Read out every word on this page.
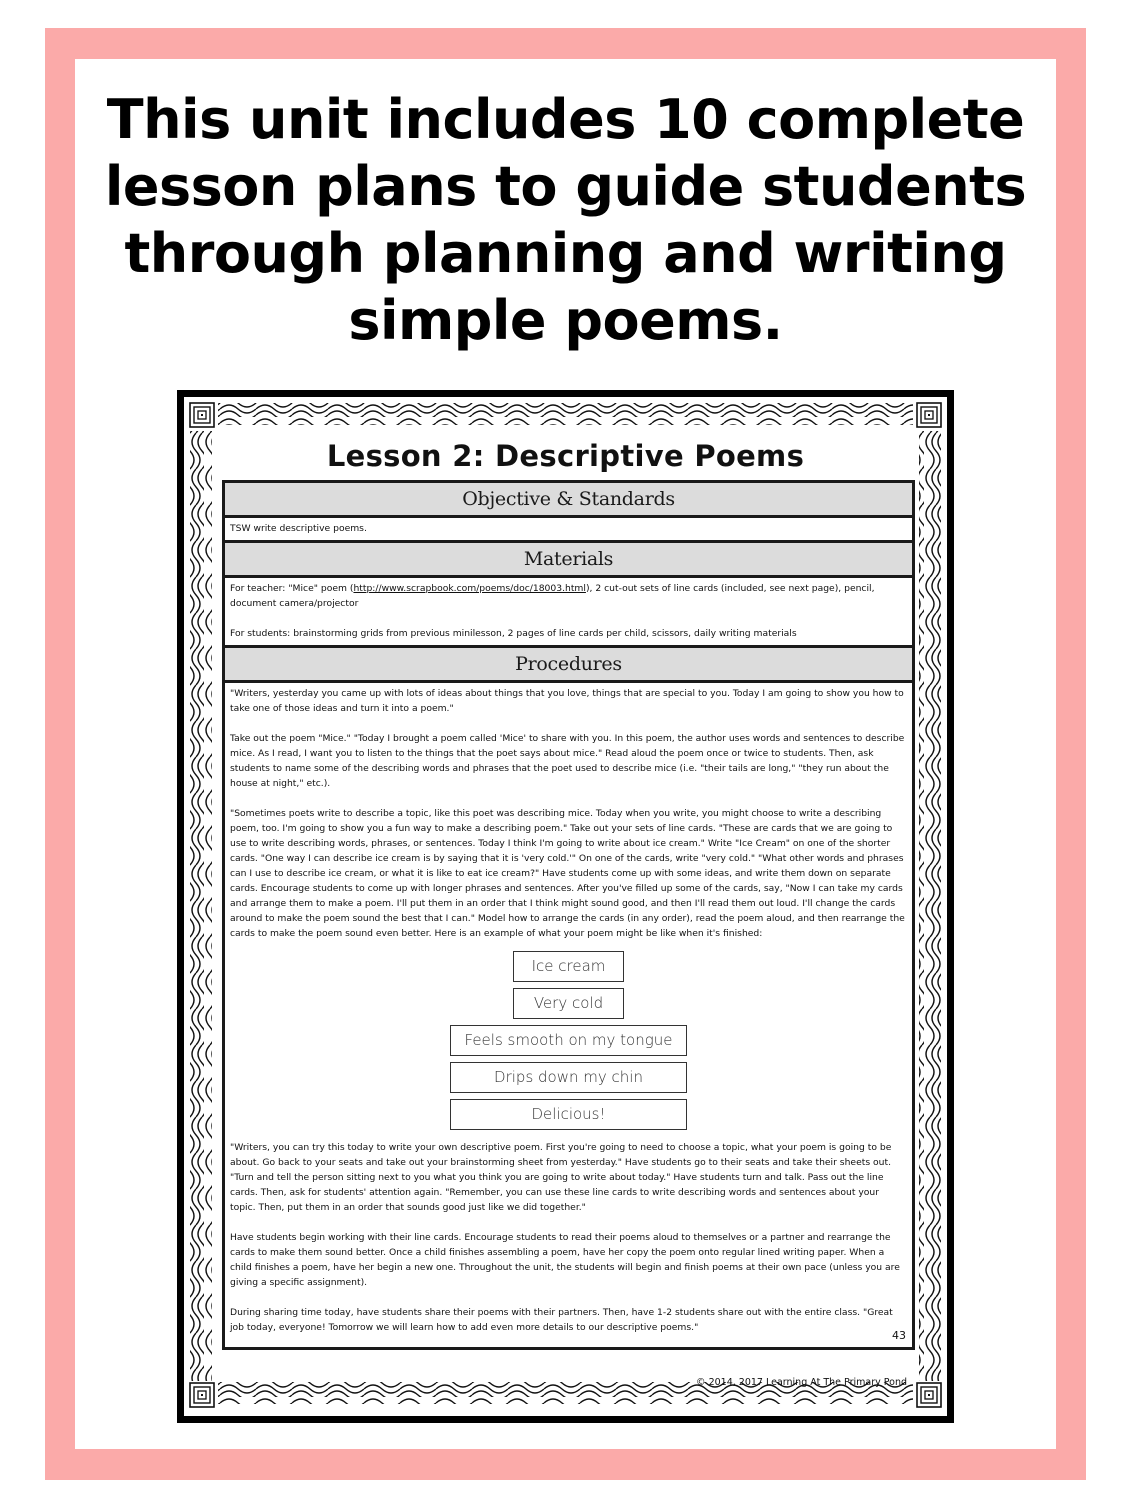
This unit includes 10 complete
lesson plans to guide students
through planning and writing
simple poems.
Lesson 2: Descriptive Poems
Objective & Standards

TSW write descriptive poems.

Materials

For teacher: "Mice" poem (http://www.scrapbook.com/poems/doc/18003.html), 2 cut-out sets of line cards (included, see next page), pencil, document camera/projector

For students: brainstorming grids from previous minilesson, 2 pages of line cards per child, scissors, daily writing materials

Procedures

"Writers, yesterday you came up with lots of ideas about things that you love, things that are special to you. Today I am going to show you how to take one of those ideas and turn it into a poem."

Take out the poem "Mice." "Today I brought a poem called 'Mice' to share with you. In this poem, the author uses words and sentences to describe mice. As I read, I want you to listen to the things that the poet says about mice." Read aloud the poem once or twice to students. Then, ask students to name some of the describing words and phrases that the poet used to describe mice (i.e. "their tails are long," "they run about the house at night," etc.).

"Sometimes poets write to describe a topic, like this poet was describing mice. Today when you write, you might choose to write a describing poem, too. I'm going to show you a fun way to make a describing poem." Take out your sets of line cards. "These are cards that we are going to use to write describing words, phrases, or sentences. Today I think I'm going to write about ice cream." Write "Ice Cream" on one of the shorter cards. "One way I can describe ice cream is by saying that it is 'very cold.'" On one of the cards, write "very cold." "What other words and phrases can I use to describe ice cream, or what it is like to eat ice cream?" Have students come up with some ideas, and write them down on separate cards. Encourage students to come up with longer phrases and sentences. After you've filled up some of the cards, say, "Now I can take my cards and arrange them to make a poem. I'll put them in an order that I think might sound good, and then I'll read them out loud. I'll change the cards around to make the poem sound the best that I can." Model how to arrange the cards (in any order), read the poem aloud, and then rearrange the cards to make the poem sound even better. Here is an example of what your poem might be like when it's finished:

Ice cream
Very cold
Feels smooth on my tongue
Drips down my chin
Delicious!

"Writers, you can try this today to write your own descriptive poem. First you're going to need to choose a topic, what your poem is going to be about. Go back to your seats and take out your brainstorming sheet from yesterday." Have students go to their seats and take their sheets out. "Turn and tell the person sitting next to you what you think you are going to write about today." Have students turn and talk. Pass out the line cards. Then, ask for students' attention again. "Remember, you can use these line cards to write describing words and sentences about your topic. Then, put them in an order that sounds good just like we did together."

Have students begin working with their line cards. Encourage students to read their poems aloud to themselves or a partner and rearrange the cards to make them sound better. Once a child finishes assembling a poem, have her copy the poem onto regular lined writing paper. When a child finishes a poem, have her begin a new one. Throughout the unit, the students will begin and finish poems at their own pace (unless you are giving a specific assignment).

During sharing time today, have students share their poems with their partners. Then, have 1-2 students share out with the entire class. "Great job today, everyone! Tomorrow we will learn how to add even more details to our descriptive poems."

43
© 2014, 2017 Learning At The Primary Pond
